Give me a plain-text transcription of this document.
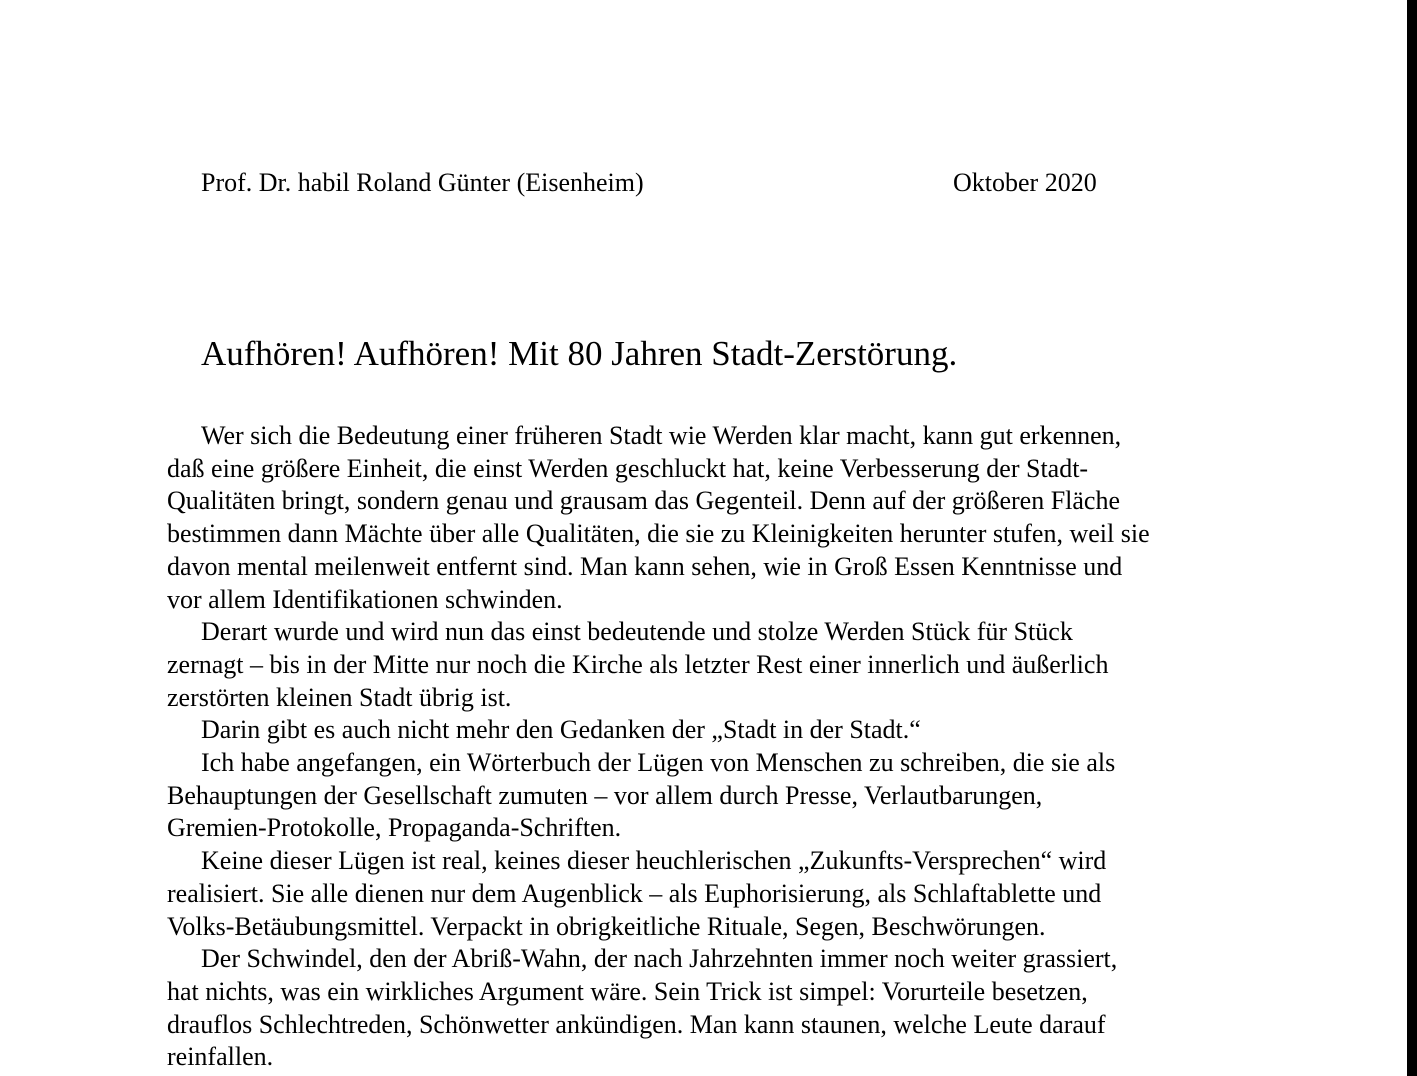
Prof. Dr. habil Roland Günter (Eisenheim)	Oktober 2020
Aufhören! Aufhören! Mit 80 Jahren Stadt-Zerstörung.

Wer sich die Bedeutung einer früheren Stadt wie Werden klar macht, kann gut erkennen,
daß eine größere Einheit, die einst Werden geschluckt hat, keine Verbesserung der Stadt-
Qualitäten bringt, sondern genau und grausam das Gegenteil. Denn auf der größeren Fläche
bestimmen dann Mächte über alle Qualitäten, die sie zu Kleinigkeiten herunter stufen, weil sie
davon mental meilenweit entfernt sind. Man kann sehen, wie in Groß Essen Kenntnisse und
vor allem Identifikationen schwinden.

Derart wurde und wird nun das einst bedeutende und stolze Werden Stück für Stück
zernagt – bis in der Mitte nur noch die Kirche als letzter Rest einer innerlich und äußerlich
zerstörten kleinen Stadt übrig ist.

Darin gibt es auch nicht mehr den Gedanken der „Stadt in der Stadt.“

Ich habe angefangen, ein Wörterbuch der Lügen von Menschen zu schreiben, die sie als
Behauptungen der Gesellschaft zumuten – vor allem durch Presse, Verlautbarungen,
Gremien-Protokolle, Propaganda-Schriften.

Keine dieser Lügen ist real, keines dieser heuchlerischen „Zukunfts-Versprechen“ wird
realisiert. Sie alle dienen nur dem Augenblick – als Euphorisierung, als Schlaftablette und
Volks-Betäubungsmittel. Verpackt in obrigkeitliche Rituale, Segen, Beschwörungen.

Der Schwindel, den der Abriß-Wahn, der nach Jahrzehnten immer noch weiter grassiert,
hat nichts, was ein wirkliches Argument wäre. Sein Trick ist simpel: Vorurteile besetzen,
drauflos Schlechtreden, Schönwetter ankündigen. Man kann staunen, welche Leute darauf
reinfallen.
